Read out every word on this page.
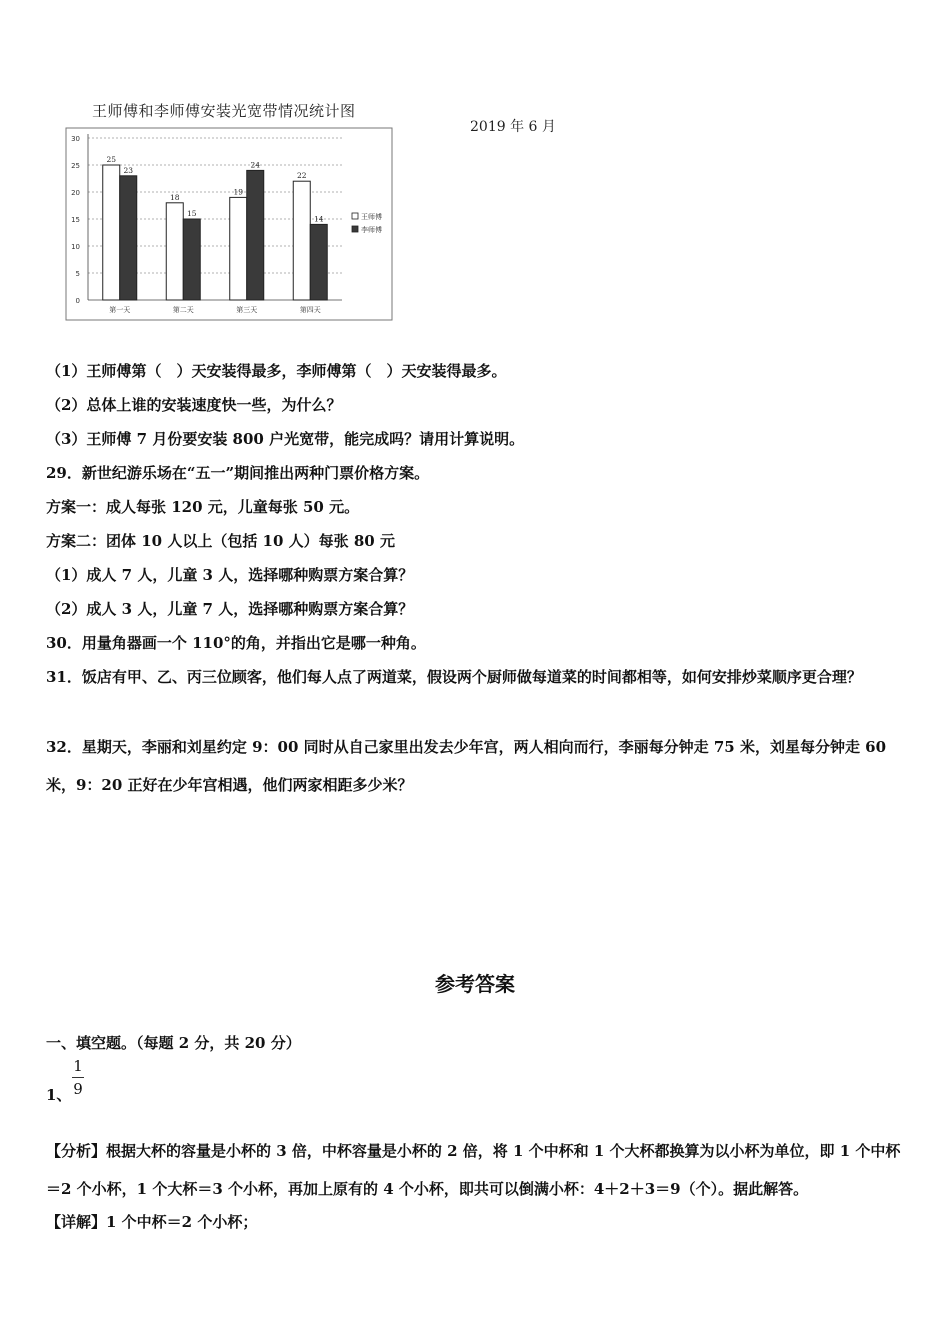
王师傅和李师傅安装光宽带情况统计图
2019 年 6 月
0
5
10
15
20
25
30
25
23
第一天
18
15
第二天
19
24
第三天
22
14
第四天
王师傅
李师傅
（1）王师傅第（　）天安装得最多，李师傅第（　）天安装得最多。
（2）总体上谁的安装速度快一些，为什么？
（3）王师傅 7 月份要安装 800 户光宽带，能完成吗？请用计算说明。
29．新世纪游乐场在“五一”期间推出两种门票价格方案。
方案一：成人每张 120 元，儿童每张 50 元。
方案二：团体 10 人以上（包括 10 人）每张 80 元
（1）成人 7 人，儿童 3 人，选择哪种购票方案合算？
（2）成人 3 人，儿童 7 人，选择哪种购票方案合算？
30．用量角器画一个 110°的角，并指出它是哪一种角。
31．饭店有甲、乙、丙三位顾客，他们每人点了两道菜，假设两个厨师做每道菜的时间都相等，如何安排炒菜顺序更合理？
32．星期天，李丽和刘星约定 9：00 同时从自己家里出发去少年宫，两人相向而行，李丽每分钟走 75 米，刘星每分钟走 60 米，9：20 正好在少年宫相遇，他们两家相距多少米？
参考答案
一、填空题。（每题 2 分，共 20 分）
1
9
1、
【分析】根据大杯的容量是小杯的 3 倍，中杯容量是小杯的 2 倍，将 1 个中杯和 1 个大杯都换算为以小杯为单位，即 1 个中杯＝2 个小杯，1 个大杯＝3 个小杯，再加上原有的 4 个小杯，即共可以倒满小杯：4＋2＋3＝9（个）。据此解答。
【详解】1 个中杯＝2 个小杯；
